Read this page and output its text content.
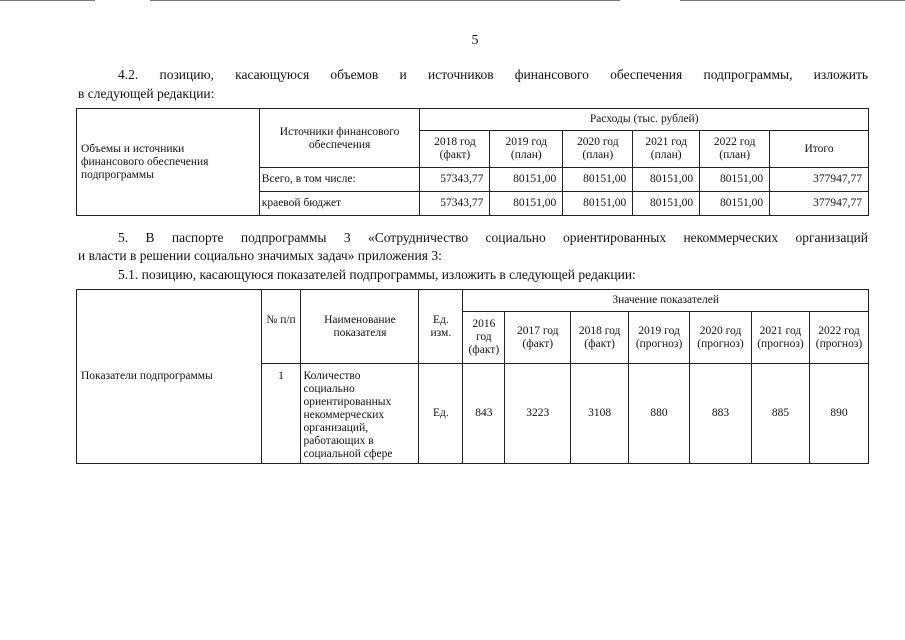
5
4.2. позицию, касающуюся объемов и источников финансового обеспечения подпрограммы, изложить
в следующей редакции:
Объемы и источники финансового обеспечения подпрограммы	Источники финансового обеспечения	Расходы (тыс. рублей)					
		2018 год (факт)	2019 год (план)	2020 год (план)	2021 год (план)	2022 год (план)	Итого
	Всего, в том числе:	57343,77	80151,00	80151,00	80151,00	80151,00	377947,77
	краевой бюджет	57343,77	80151,00	80151,00	80151,00	80151,00	377947,77
5. В паспорте подпрограммы 3 «Сотрудничество социально ориентированных некоммерческих организаций
и власти в решении социально значимых задач» приложения 3:
5.1. позицию, касающуюся показателей подпрограммы, изложить в следующей редакции:
Показатели подпрограммы	№ п/п	Наименование показателя	Ед. изм.	Значение показателей						
				2016 год (факт)	2017 год (факт)	2018 год (факт)	2019 год (прогноз)	2020 год (прогноз)	2021 год (прогноз)	2022 год (прогноз)
	1	Количество социально ориентированных некоммерческих организаций, работающих в социальной сфере	Ед.	843	3223	3108	880	883	885	890
